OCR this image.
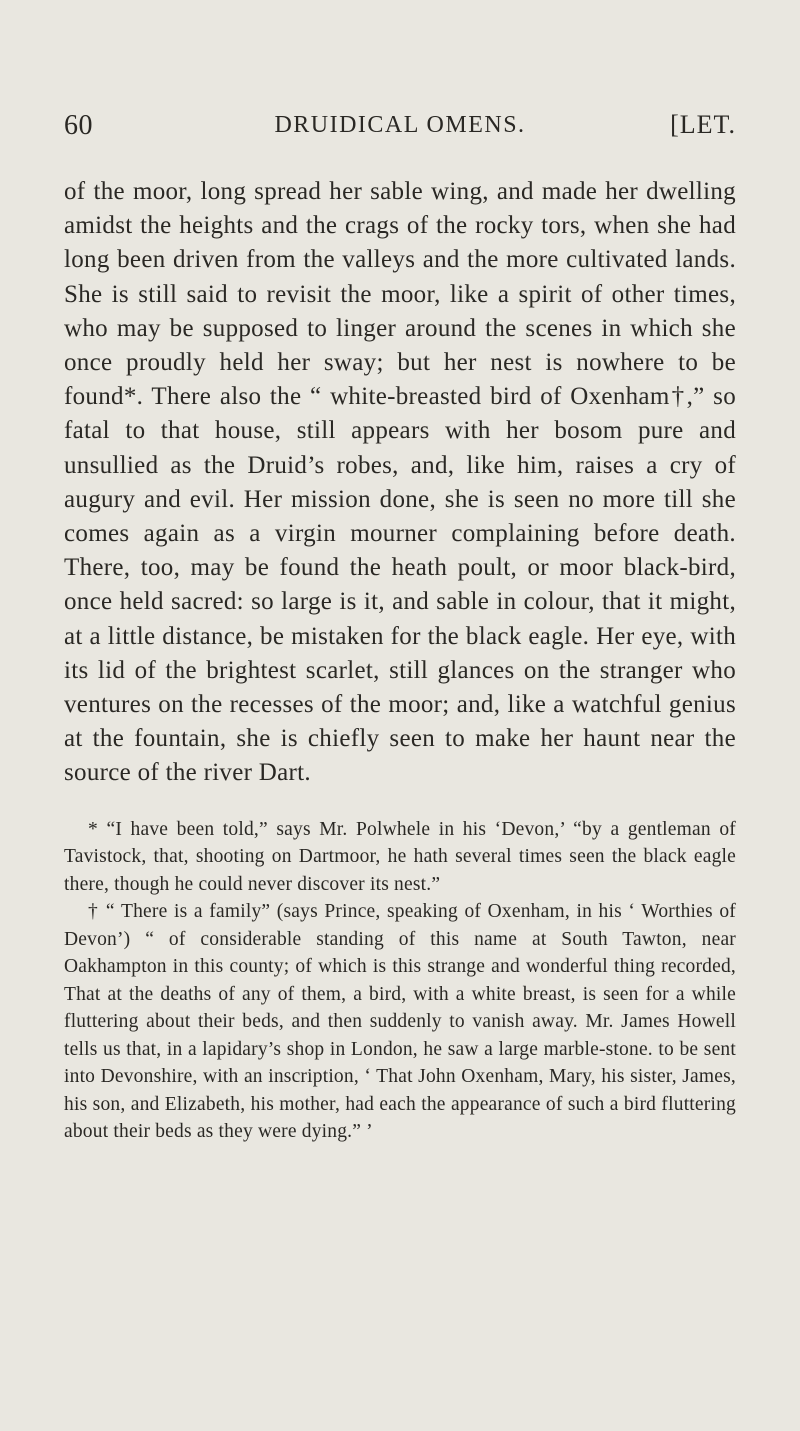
60	DRUIDICAL OMENS.	[LET.

of the moor, long spread her sable wing, and made her dwelling amidst the heights and the crags of the rocky tors, when she had long been driven from the valleys and the more cultivated lands. She is still said to revisit the moor, like a spirit of other times, who may be supposed to linger around the scenes in which she once proudly held her sway; but her nest is nowhere to be found*. There also the “ white-breasted bird of Oxenham†,” so fatal to that house, still appears with her bosom pure and unsullied as the Druid’s robes, and, like him, raises a cry of augury and evil. Her mission done, she is seen no more till she comes again as a virgin mourner complaining before death. There, too, may be found the heath poult, or moor black-bird, once held sacred: so large is it, and sable in colour, that it might, at a little distance, be mistaken for the black eagle. Her eye, with its lid of the brightest scarlet, still glances on the stranger who ventures on the recesses of the moor; and, like a watchful genius at the fountain, she is chiefly seen to make her haunt near the source of the river Dart.

* “I have been told,” says Mr. Polwhele in his ‘Devon,’ “by a gentleman of Tavistock, that, shooting on Dartmoor, he hath several times seen the black eagle there, though he could never discover its nest.”

† “ There is a family” (says Prince, speaking of Oxenham, in his ‘ Worthies of Devon’) “ of considerable standing of this name at South Tawton, near Oakhampton in this county; of which is this strange and wonderful thing recorded, That at the deaths of any of them, a bird, with a white breast, is seen for a while fluttering about their beds, and then suddenly to vanish away. Mr. James Howell tells us that, in a lapidary’s shop in London, he saw a large marble-stone. to be sent into Devonshire, with an inscription, ‘ That John Oxenham, Mary, his sister, James, his son, and Elizabeth, his mother, had each the appearance of such a bird fluttering about their beds as they were dying.” ’
